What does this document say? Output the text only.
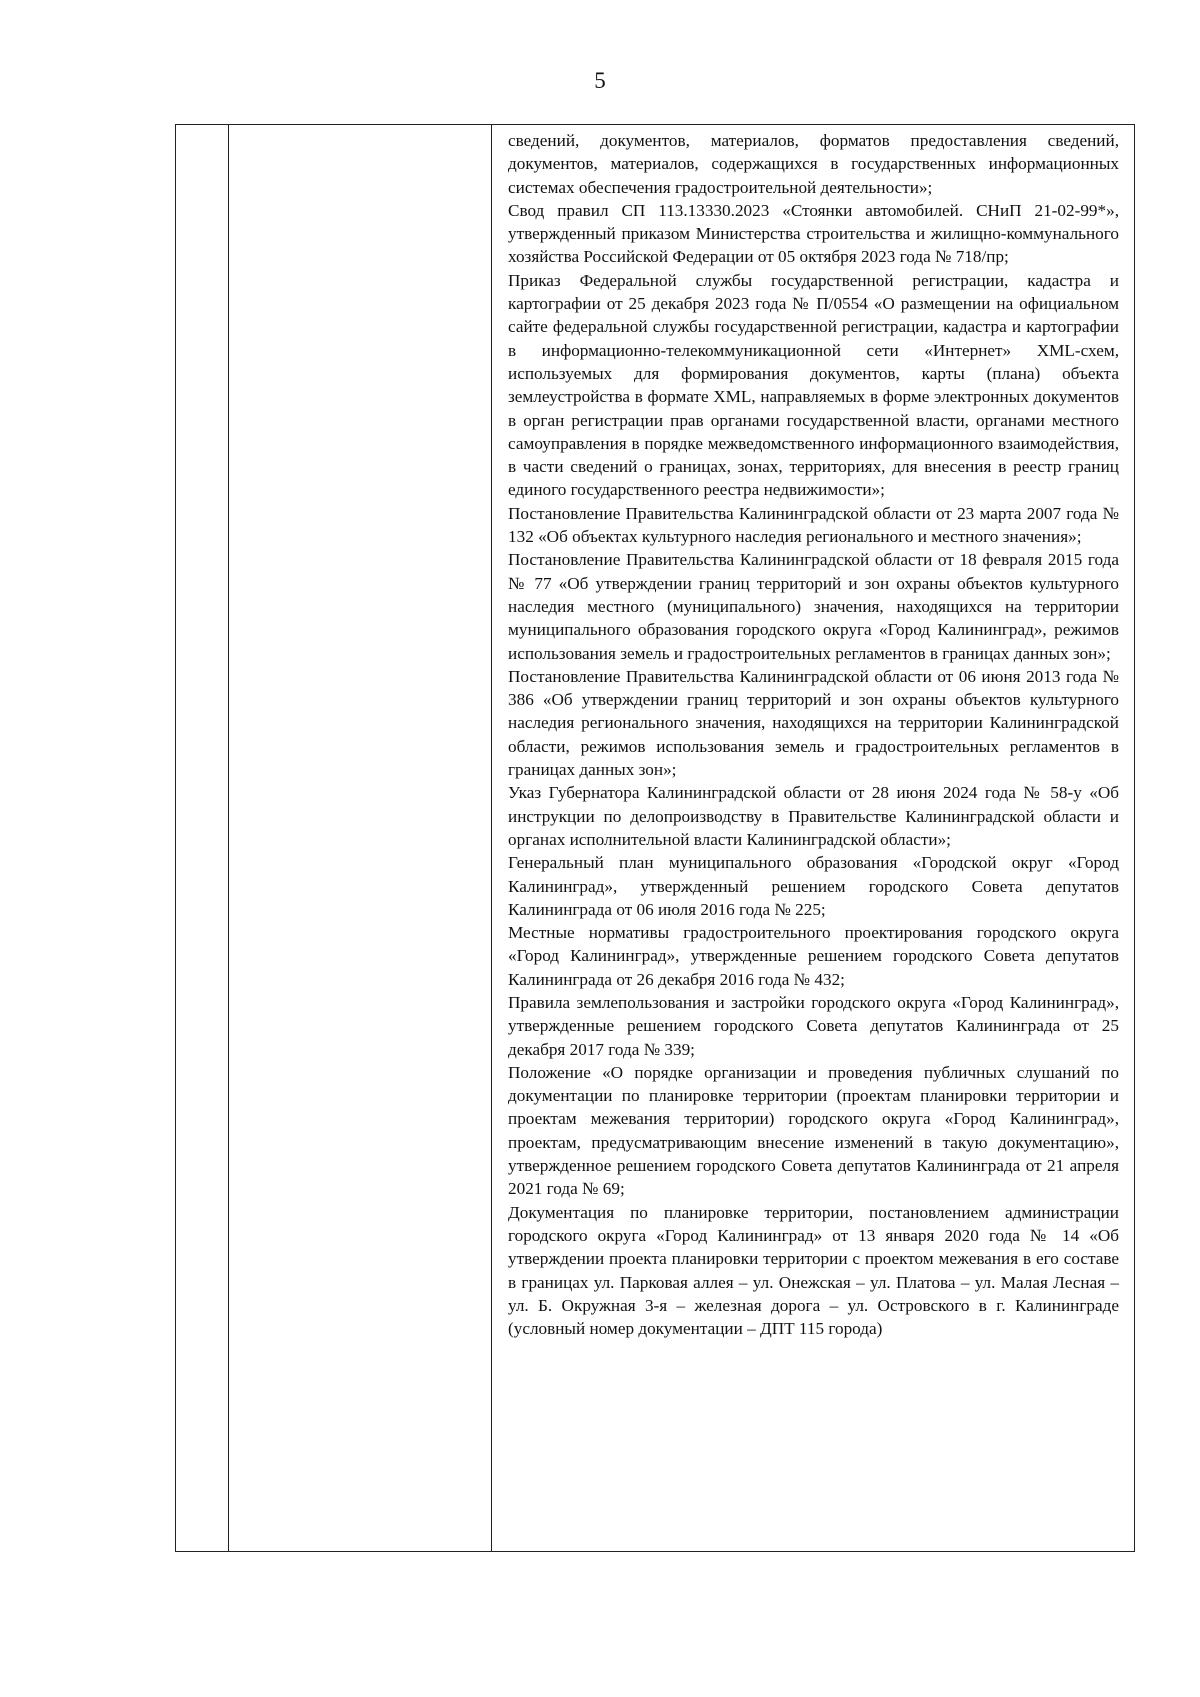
5

сведений, документов, материалов, форматов предоставления сведений, документов, материалов, содержащихся в государственных информационных системах обеспечения градостроительной деятельности»;

Свод правил СП 113.13330.2023 «Стоянки автомобилей. СНиП 21-02-99*», утвержденный приказом Министерства строительства и жилищно-коммунального хозяйства Российской Федерации от 05 октября 2023 года № 718/пр;

Приказ Федеральной службы государственной регистрации, кадастра и картографии от 25 декабря 2023 года № П/0554 «О размещении на официальном сайте федеральной службы государственной регистрации, кадастра и картографии в информационно-телекоммуникационной сети «Интернет» XML-схем, используемых для формирования документов, карты (плана) объекта землеустройства в формате XML, направляемых в форме электронных документов в орган регистрации прав органами государственной власти, органами местного самоуправления в порядке межведомственного информационного взаимодействия, в части сведений о границах, зонах, территориях, для внесения в реестр границ единого государственного реестра недвижимости»;

Постановление Правительства Калининградской области от 23 марта 2007 года № 132 «Об объектах культурного наследия регионального и местного значения»;

Постановление Правительства Калининградской области от 18 февраля 2015 года № 77 «Об утверждении границ территорий и зон охраны объектов культурного наследия местного (муниципального) значения, находящихся на территории муниципального образования городского округа «Город Калининград», режимов использования земель и градостроительных регламентов в границах данных зон»;

Постановление Правительства Калининградской области от 06 июня 2013 года № 386 «Об утверждении границ территорий и зон охраны объектов культурного наследия регионального значения, находящихся на территории Калининградской области, режимов использования земель и градостроительных регламентов в границах данных зон»;

Указ Губернатора Калининградской области от 28 июня 2024 года № 58-у «Об инструкции по делопроизводству в Правительстве Калининградской области и органах исполнительной власти Калининградской области»;

Генеральный план муниципального образования «Городской округ «Город Калининград», утвержденный решением городского Совета депутатов Калининграда от 06 июля 2016 года № 225;

Местные нормативы градостроительного проектирования городского округа «Город Калининград», утвержденные решением городского Совета депутатов Калининграда от 26 декабря 2016 года № 432;

Правила землепользования и застройки городского округа «Город Калининград», утвержденные решением городского Совета депутатов Калининграда от 25 декабря 2017 года № 339;

Положение «О порядке организации и проведения публичных слушаний по документации по планировке территории (проектам планировки территории и проектам межевания территории) городского округа «Город Калининград», проектам, предусматривающим внесение изменений в такую документацию», утвержденное решением городского Совета депутатов Калининграда от 21 апреля 2021 года № 69;

Документация по планировке территории, постановлением администрации городского округа «Город Калининград» от 13 января 2020 года № 14 «Об утверждении проекта планировки территории с проектом межевания в его составе в границах ул. Парковая аллея – ул. Онежская – ул. Платова – ул. Малая Лесная – ул. Б. Окружная 3-я – железная дорога – ул. Островского в г. Калининграде (условный номер документации – ДПТ 115 города)
